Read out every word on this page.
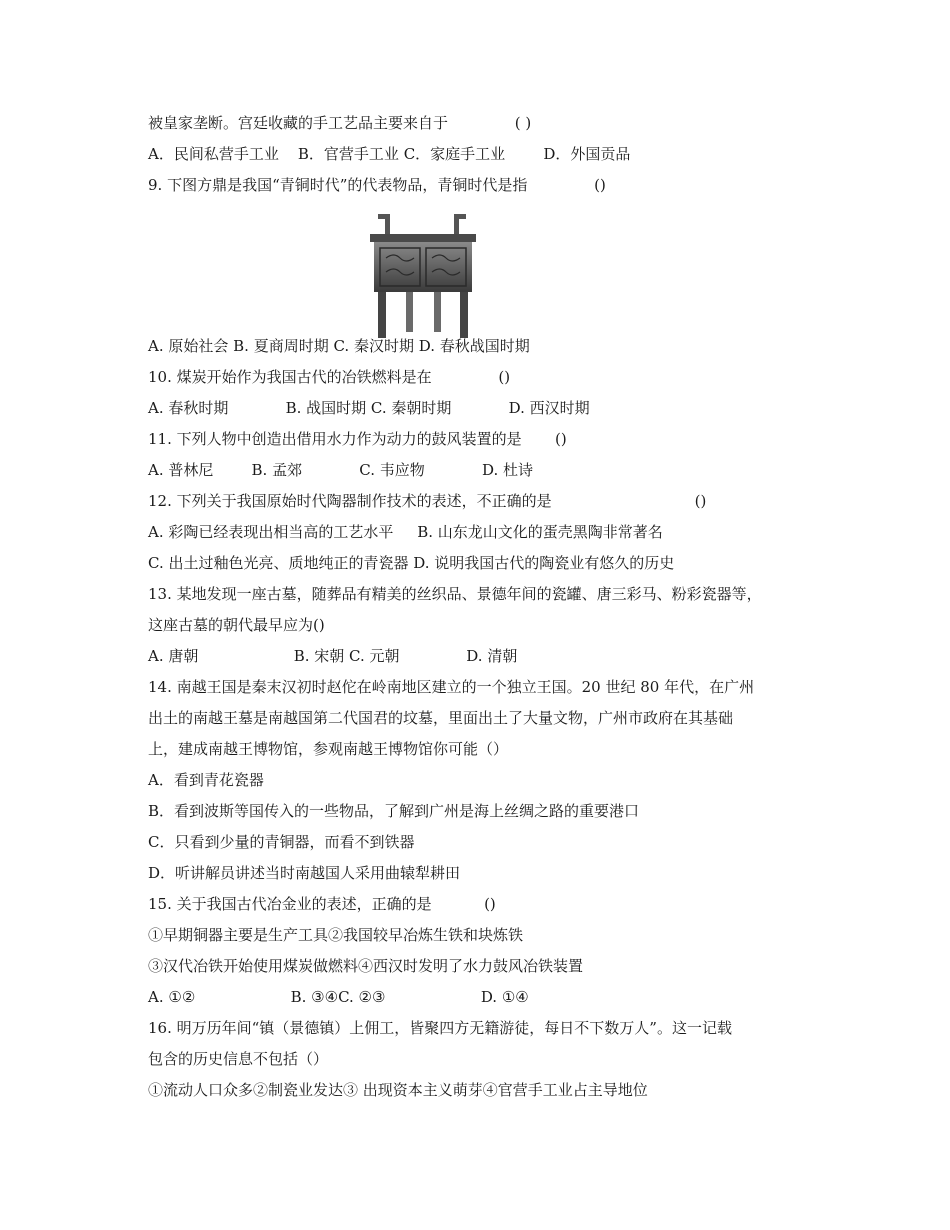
被皇家垄断。宫廷收藏的手工艺品主要来自于              ( )
A．民间私营手工业    B．官营手工业 C．家庭手工业        D．外国贡品
9. 下图方鼎是我国“青铜时代”的代表物品，青铜时代是指              ()
A. 原始社会 B. 夏商周时期 C. 秦汉时期 D. 春秋战国时期
10. 煤炭开始作为我国古代的冶铁燃料是在              ()
A. 春秋时期            B. 战国时期 C. 秦朝时期            D. 西汉时期
11. 下列人物中创造出借用水力作为动力的鼓风装置的是       ()
A. 普林尼        B. 孟郊            C. 韦应物            D. 杜诗
12. 下列关于我国原始时代陶器制作技术的表述，不正确的是                              ()
A. 彩陶已经表现出相当高的工艺水平     B. 山东龙山文化的蛋壳黑陶非常著名
C. 出土过釉色光亮、质地纯正的青瓷器 D. 说明我国古代的陶瓷业有悠久的历史
13. 某地发现一座古墓，随葬品有精美的丝织品、景德年间的瓷罐、唐三彩马、粉彩瓷器等，
这座古墓的朝代最早应为()
A. 唐朝                    B. 宋朝 C. 元朝              D. 清朝
14. 南越王国是秦末汉初时赵佗在岭南地区建立的一个独立王国。20 世纪 80 年代，在广州
出土的南越王墓是南越国第二代国君的坟墓，里面出土了大量文物，广州市政府在其基础
上，建成南越王博物馆，参观南越王博物馆你可能（）
A．看到青花瓷器
B．看到波斯等国传入的一些物品，了解到广州是海上丝绸之路的重要港口
C．只看到少量的青铜器，而看不到铁器
D．听讲解员讲述当时南越国人采用曲辕犁耕田
15. 关于我国古代冶金业的表述，正确的是           ()
①早期铜器主要是生产工具②我国较早冶炼生铁和块炼铁
③汉代冶铁开始使用煤炭做燃料④西汉时发明了水力鼓风冶铁装置
A. ①②                    B. ③④C. ②③                    D. ①④
16. 明万历年间“镇（景德镇）上佣工，皆聚四方无籍游徒，每日不下数万人”。这一记载
包含的历史信息不包括（）
①流动人口众多②制瓷业发达③ 出现资本主义萌芽④官营手工业占主导地位
